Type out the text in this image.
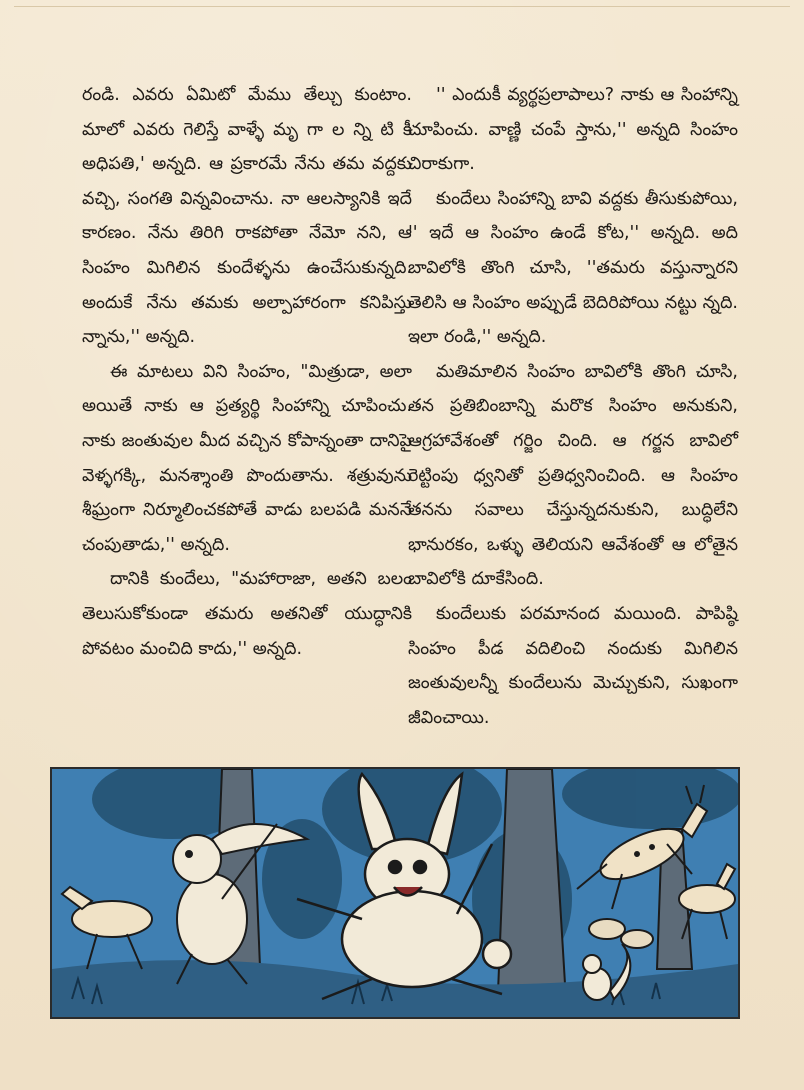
రండి. ఎవరు ఏమిటో మేము తేల్చు కుంటాం. మాలో ఎవరు గెలిస్తే వాళ్ళే మృ గా ల న్ని టి కీ అధిపతి,' అన్నది. ఆ ప్రకారమే నేను తమ వద్దకు వచ్చి, సంగతి విన్నవించాను. నా ఆలస్యానికి ఇదే కారణం. నేను తిరిగి రాకపోతా నేమో నని, ఆ సింహం మిగిలిన కుందేళ్ళను ఉంచేసుకున్నది. అందుకే నేను తమకు అల్పాహారంగా కనిపిస్తు న్నాను,'' అన్నది.

ఈ మాటలు విని సింహం, "మిత్రుడా, అలా అయితే నాకు ఆ ప్రత్యర్థి సింహాన్ని చూపించు. నాకు జంతువుల మీద వచ్చిన కోపాన్నంతా దానిపై వెళ్ళగక్కి, మనశ్శాంతి పొందుతాను. శత్రువును శీఘ్రంగా నిర్మూలించకపోతే వాడు బలపడి మననే చంపుతాడు,'' అన్నది.

దానికి కుందేలు, "మహారాజా, అతని బలం తెలుసుకోకుండా తమరు అతనితో యుద్ధానికి పోవటం మంచిది కాదు,'' అన్నది.

'' ఎందుకీ వ్యర్థప్రలాపాలు? నాకు ఆ సింహాన్ని చూపించు. వాణ్ణి చంపే స్తాను,'' అన్నది సింహం చిరాకుగా.

కుందేలు సింహాన్ని బావి వద్దకు తీసుకుపోయి, '' ఇదే ఆ సింహం ఉండే కోట,'' అన్నది. అది బావిలోకి తొంగి చూసి, ''తమరు వస్తున్నారని తెలిసి ఆ సింహం అప్పుడే బెదిరిపోయి నట్టు న్నది. ఇలా రండి,'' అన్నది.

మతిమాలిన సింహం బావిలోకి తొంగి చూసి, తన ప్రతిబింబాన్ని మరొక సింహం అనుకుని, ఆగ్రహావేశంతో గర్జిం చింది. ఆ గర్జన బావిలో రెట్టింపు ధ్వనితో ప్రతిధ్వనించింది. ఆ సింహం తనను సవాలు చేస్తున్నదనుకుని, బుద్ధిలేని భానురకం, ఒళ్ళు తెలియని ఆవేశంతో ఆ లోతైన బావిలోకి దూకేసింది.

కుందేలుకు పరమానంద మయింది. పాపిష్ఠి సింహం పీడ వదిలించి నందుకు మిగిలిన జంతువులన్నీ కుందేలును మెచ్చుకుని, సుఖంగా జీవించాయి.
